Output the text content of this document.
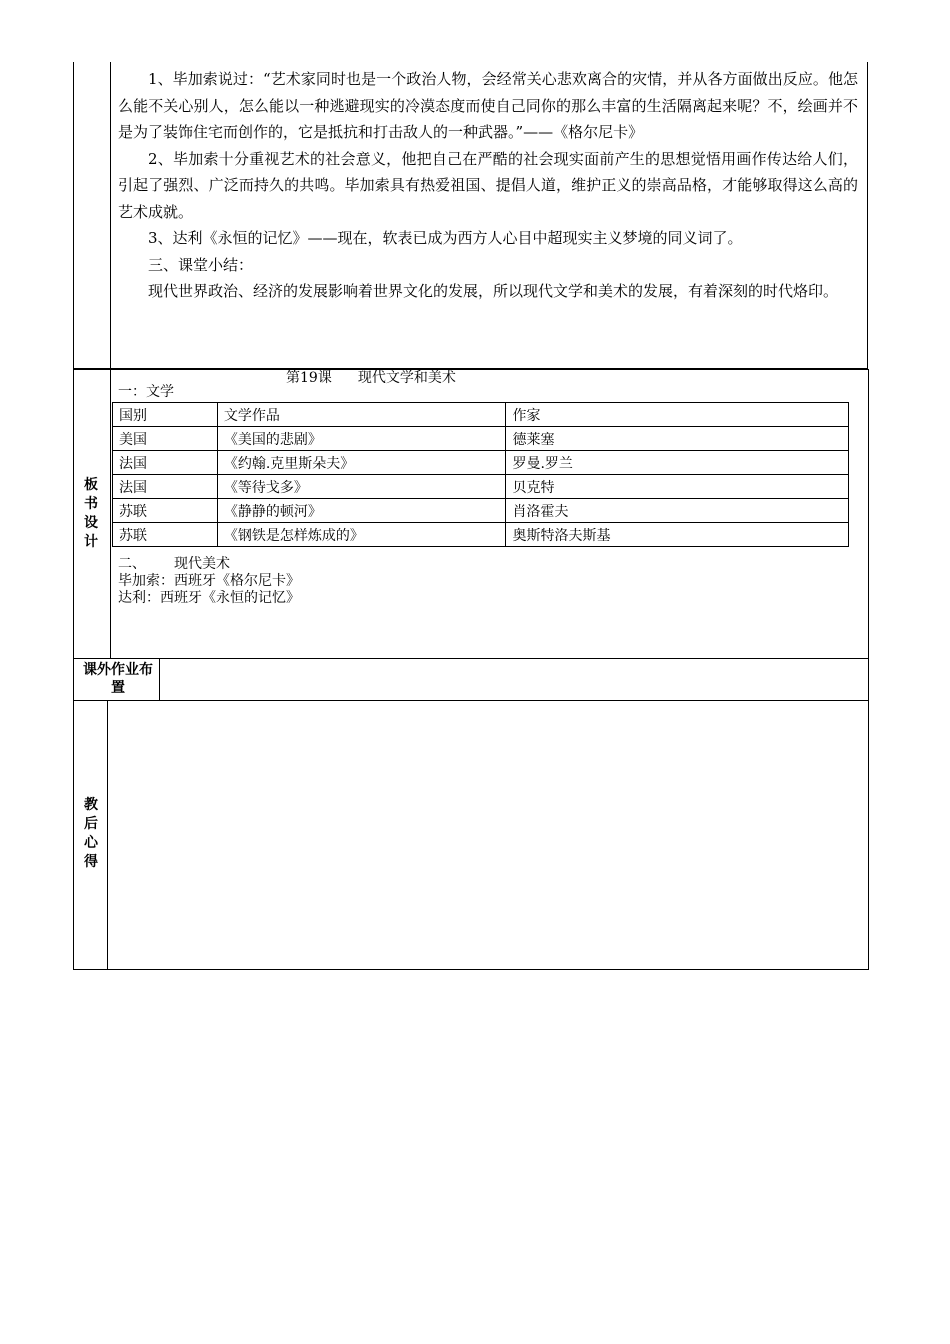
1、毕加索说过：“艺术家同时也是一个政治人物，会经常关心悲欢离合的灾情，并从各方面做出反应。他怎么能不关心别人，怎么能以一种逃避现实的冷漠态度而使自己同你的那么丰富的生活隔离起来呢？不，绘画并不是为了装饰住宅而创作的，它是抵抗和打击敌人的一种武器。”——《格尔尼卡》

2、毕加索十分重视艺术的社会意义，他把自己在严酷的社会现实面前产生的思想觉悟用画作传达给人们，引起了强烈、广泛而持久的共鸣。毕加索具有热爱祖国、提倡人道，维护正义的崇高品格，才能够取得这么高的艺术成就。

3、达利《永恒的记忆》——现在，软表已成为西方人心目中超现实主义梦境的同义词了。

三、课堂小结：

现代世界政治、经济的发展影响着世界文化的发展，所以现代文学和美术的发展，有着深刻的时代烙印。

板书设计
第19课 现代文学和美术
一：文学
国别	文学作品	作家
美国	《美国的悲剧》	德莱塞
法国	《约翰.克里斯朵夫》	罗曼.罗兰
法国	《等待戈多》	贝克特
苏联	《静静的顿河》	肖洛霍夫
苏联	《钢铁是怎样炼成的》	奥斯特洛夫斯基
二、 现代美术
毕加索：西班牙《格尔尼卡》
达利：西班牙《永恒的记忆》
课外作业布置
教后心得
